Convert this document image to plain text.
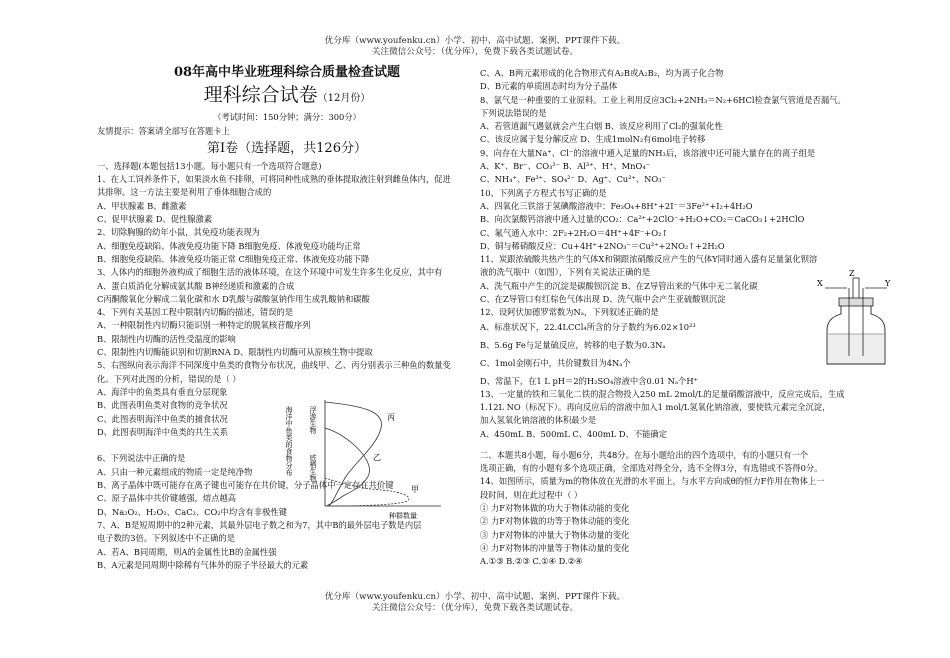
优分库（www.youfenku.cn）小学、初中、高中试题、案例、PPT课件下载。
关注微信公众号：（优分库），免费下载各类试题试卷。

08年高中毕业班理科综合质量检查试题

理科综合试卷（12月份）

（考试时间：150分钟；满分：300分）

友情提示：答案请全部写在答题卡上

第Ⅰ卷（选择题，共126分）

一、选择题(本题包括13小题。每小题只有一个选项符合题意)

1、在人工饲养条件下，如果淡水鱼不排卵，可将同种性成熟的垂体提取液注射到雌鱼体内，促进

其排卵。这一方法主要是利用了垂体细胞合成的

A、甲状腺素 B、雌激素

C、促甲状腺素 D、促性腺激素

2、切除胸腺的幼年小鼠，其免疫功能表现为

A、细胞免疫缺陷、体液免疫功能下降 B细胞免疫、体液免疫功能均正常

B、细胞免疫缺陷、体液免疫功能正常 C细胞免疫正常、体液免疫功能下降

3、人体内的细胞外液构成了细胞生活的液体环境，在这个环境中可发生许多生化反应，其中有

A、蛋白质消化分解成氨其酸 B神经递质和激素的合成

C丙酮酸氧化分解成二氧化碳和水 D乳酸与碳酸氢钠作用生成乳酸钠和碳酸

4、下列有关基因工程中限制内切酶的描述，错误的是

A、一种限制性内切酶只能识别一种特定的脱氧核苷酸序列

B、限制性内切酶的活性受温度的影响

C、限制性内切酶能识别和切割RNA D、限制性内切酶可从原核生物中提取

5、右图纵向表示海洋不同深度中鱼类的食物分布状况，曲线甲、乙、丙分别表示三种鱼的数量变

化。下列对此图的分析，错误的是（ ）

A、海洋中的鱼类具有垂直分层现象

B、此图表明鱼类对食物的竞争状况

C、此图表明海洋中鱼类的捕食状况

D、此图表明海洋中鱼类的共生关系

6、下列说法中正确的是

A、只由一种元素组成的物质一定是纯净物

B、离子晶体中既可能存在离子键也可能存在共价键，分子晶体中一定存在共价键

C、原子晶体中共价键越强，熔点越高

D、Na₂O₂、H₂O₂、CaC₂、CO₂中均含有非极性键

7、A、B是短周期中的2种元素，其最外层电子数之和为7，其中B的最外层电子数是内层

电子数的3倍。下列叙述中不正确的是

A、若A、B同周期，则A的金属性比B的金属性强

B、A元素是同周期中除稀有气体外的原子半径最大的元素

海洋中鱼类的食物分布 浮游生物
底栖生物
丙
乙
甲
种群数量

C、A、B两元素形成的化合物形式有A₂B或A₂B₂，均为离子化合物

D、B元素的单质固态时均为分子晶体

8、氯气是一种重要的工业原料。工业上利用反应3Cl₂+2NH₃＝N₂+6HCl检查氯气管道是否漏气。

下列说法错误的是

A、若管道漏气遇氨就会产生白烟 B、该反应利用了Cl₂的强氧化性

C、该反应属于复分解反应 D、生成1molN₂有6mol电子转移

9、向存在大量Na⁺、Cl⁻的溶液中通入足量的NH₃后，该溶液中还可能大量存在的离子组是

A、K⁺、Br⁻、CO₃²⁻ B、Al³⁺、H⁺、MnO₄⁻

C、NH₄⁺、Fe³⁺、SO₄²⁻ D、Ag⁺、Cu²⁺、NO₃⁻

10、下列离子方程式书写正确的是

A、四氧化三铁溶于氢碘酸溶液中：Fe₃O₄+8H⁺+2I⁻＝3Fe²⁺+I₂+4H₂O

B、向次氯酸钙溶液中通入过量的CO₂：Ca²⁺+2ClO⁻+H₂O+CO₂＝CaCO₃↓+2HClO

C、氟气通入水中：2F₂+2H₂O＝4H⁺+4F⁻+O₂↑

D、铜与稀硝酸反应：Cu+4H⁺+2NO₃⁻＝Cu²⁺+2NO₂↑+2H₂O

11、炭跟浓硫酸共热产生的气体X和铜跟浓硝酸反应产生的气体Y同时通入盛有足量氯化钡溶

液的洗气瓶中（如图），下列有关说法正确的是

A、洗气瓶中产生的沉淀是碳酸钡沉淀 B、在Z导管出来的气体中无二氧化碳

C、在Z导管口有红棕色气体出现 D、洗气瓶中会产生亚硫酸钡沉淀

12、设阿伏加德罗常数为Nₐ，下列叙述正确的是

A、标准状况下，22.4LCCl₄所含的分子数约为6.02×10²³

B、5.6g Fe与足量硫反应，转移的电子数为0.3Nₐ

C、1mol金刚石中，共价键数目为4Nₐ个

D、常温下，在1 L pH＝2的H₂SO₄溶液中含0.01 Nₐ个H⁺

13、一定量的铁和三氧化二铁的混合物投入250 mL 2mol/L的足量硝酸溶液中，反应完成后，生成

1.12L NO（标况下）。再向反应后的溶液中加入1 mol/L氢氧化钠溶液，要使铁元素完全沉淀，

加入氢氧化钠溶液的体积最少是

A、450mL B、500mL C、400mL D、不能确定

二、本题共8小题，每小题6分，共48分。在每小题给出的四个选项中，有的小题只有一个

选项正确，有的小题有多个选项正确，全部选对得全分，选不全得3分，有选错或不答得0分。

14、如图所示，质量为m的物体放在光滑的水平面上，与水平方向成θ的恒力F作用在物体上一

段时间，则在此过程中（ ）

① 力F对物体做的功大于物体动能的变化

② 力F对物体做的功等于物体动能的变化

③ 力F对物体的冲量大于物体动量的变化

④ 力F对物体的冲量等于物体动量的变化

A.①③ B.②③ C.①④ D.②④

X
Z
Y
优分库（www.youfenku.cn）小学、初中、高中试题、案例、PPT课件下载。
关注微信公众号：（优分库），免费下载各类试题试卷。
